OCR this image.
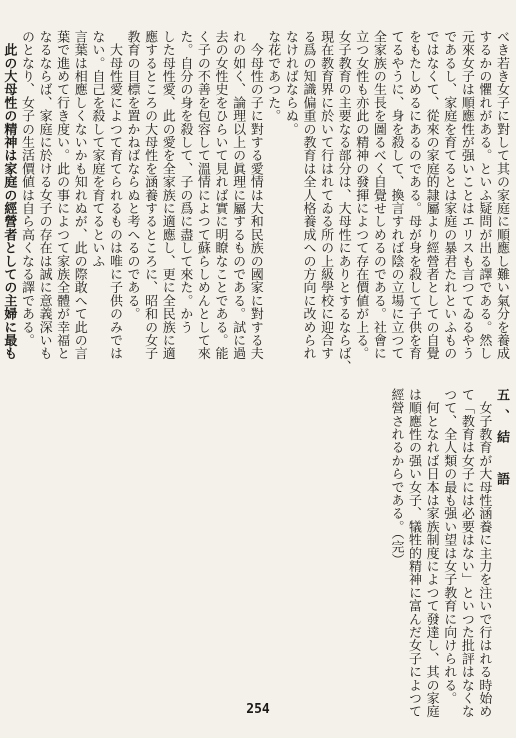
べき若き女子に對して其の家庭に順應し難い氣分を養成
するかの懼れがある。といふ疑問が出る譯である。然し
元來女子は順應性が强いことはエリスも言つてゐるやう
であるし、家庭を育てるとは家庭の暴君たれといふもの
ではなくて、從來の家庭的隷屬より經營者としての自覺
をもたしめるにあるのである。母が身を殺して子供を育
てるやうに、身を殺して、換言すれば陰の立場に立つて
全家族の生長を圖るべく自覺せしめるのである。社會に
立つ女性も亦此の精神の發揮によつて存在價値が上る。
女子教育の主要なる部分は、大母性にありとするならば、
現在教育界に於いて行はれてゐる所の上級學校に迎合す
る爲の知識偏重の教育は全人格養成への方向に改められ
なければならぬ。
な花であつた。
　今母性の子に對する愛情は大和民族の國家に對する夫
れの如く、論理以上の眞理に屬するものである。試に過
去の女性史をひらいて見れば實に明瞭なことである。能
く子の不善を包容して溫情によつて蘇らしめんとして來
た。自分の身を殺して、子の爲に盡して來た。かう
した母性愛、此の愛を全家族に適應し、更に全民族に適
應するところの大母性を涵養するところに、昭和の女子
教育の目標を置かねばならぬと考へるのである。
　大母性愛によつて育てられるものは唯に子供のみでは
ない。自己を殺して家庭を育てるといふ
言葉は相應しくないかも知れぬが、此の際敢へて此の言
葉で進めて行き度い。此の事によつて家族全體が幸福と
なるならば、家庭に於ける女子の存在は誠に意義深いも
のとなり、女子の生活價値は自ら高くなる譯である。
　此の大母性の精神は家庭の經營者としての主婦に最も
五、結　語
　女子教育が大母性涵養に主力を注いで行はれる時始め
て「教育は女子には必要はない」といつた批評はなくな
つて、全人類の最も强い望は女子教育に向けられる。
　何となれば日本は家族制度によつて發達し、其の家庭
は順應性の强い女子、犠牲的精神に富んだ女子によつて
經營されるからである。（完）
254
